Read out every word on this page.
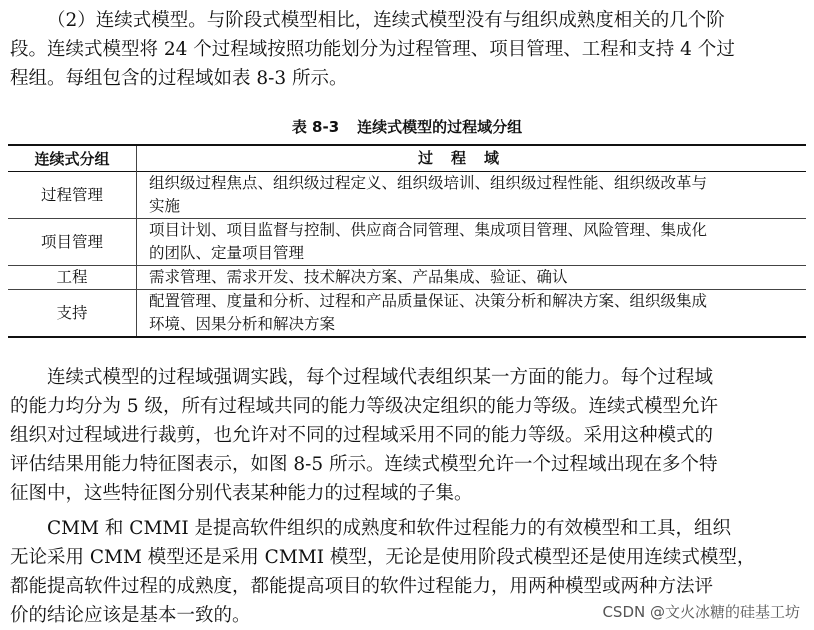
（2）连续式模型。与阶段式模型相比，连续式模型没有与组织成熟度相关的几个阶
段。连续式模型将 24 个过程域按照功能划分为过程管理、项目管理、工程和支持 4 个过
程组。每组包含的过程域如表 8-3 所示。

表 8-3 连续式模型的过程域分组
连续式分组	过程域
过程管理	组织级过程焦点、组织级过程定义、组织级培训、组织级过程性能、组织级改革与
实施

项目管理	项目计划、项目监督与控制、供应商合同管理、集成项目管理、风险管理、集成化
的团队、定量项目管理

工程	需求管理、需求开发、技术解决方案、产品集成、验证、确认

支持	配置管理、度量和分析、过程和产品质量保证、决策分析和解决方案、组织级集成
环境、因果分析和解决方案

连续式模型的过程域强调实践，每个过程域代表组织某一方面的能力。每个过程域
的能力均分为 5 级，所有过程域共同的能力等级决定组织的能力等级。连续式模型允许
组织对过程域进行裁剪，也允许对不同的过程域采用不同的能力等级。采用这种模式的
评估结果用能力特征图表示，如图 8-5 所示。连续式模型允许一个过程域出现在多个特
征图中，这些特征图分别代表某种能力的过程域的子集。

CMM 和 CMMI 是提高软件组织的成熟度和软件过程能力的有效模型和工具，组织
无论采用 CMM 模型还是采用 CMMI 模型，无论是使用阶段式模型还是使用连续式模型，
都能提高软件过程的成熟度，都能提高项目的软件过程能力，用两种模型或两种方法评
价的结论应该是基本一致的。	CSDN @文火冰糖的硅基工坊
